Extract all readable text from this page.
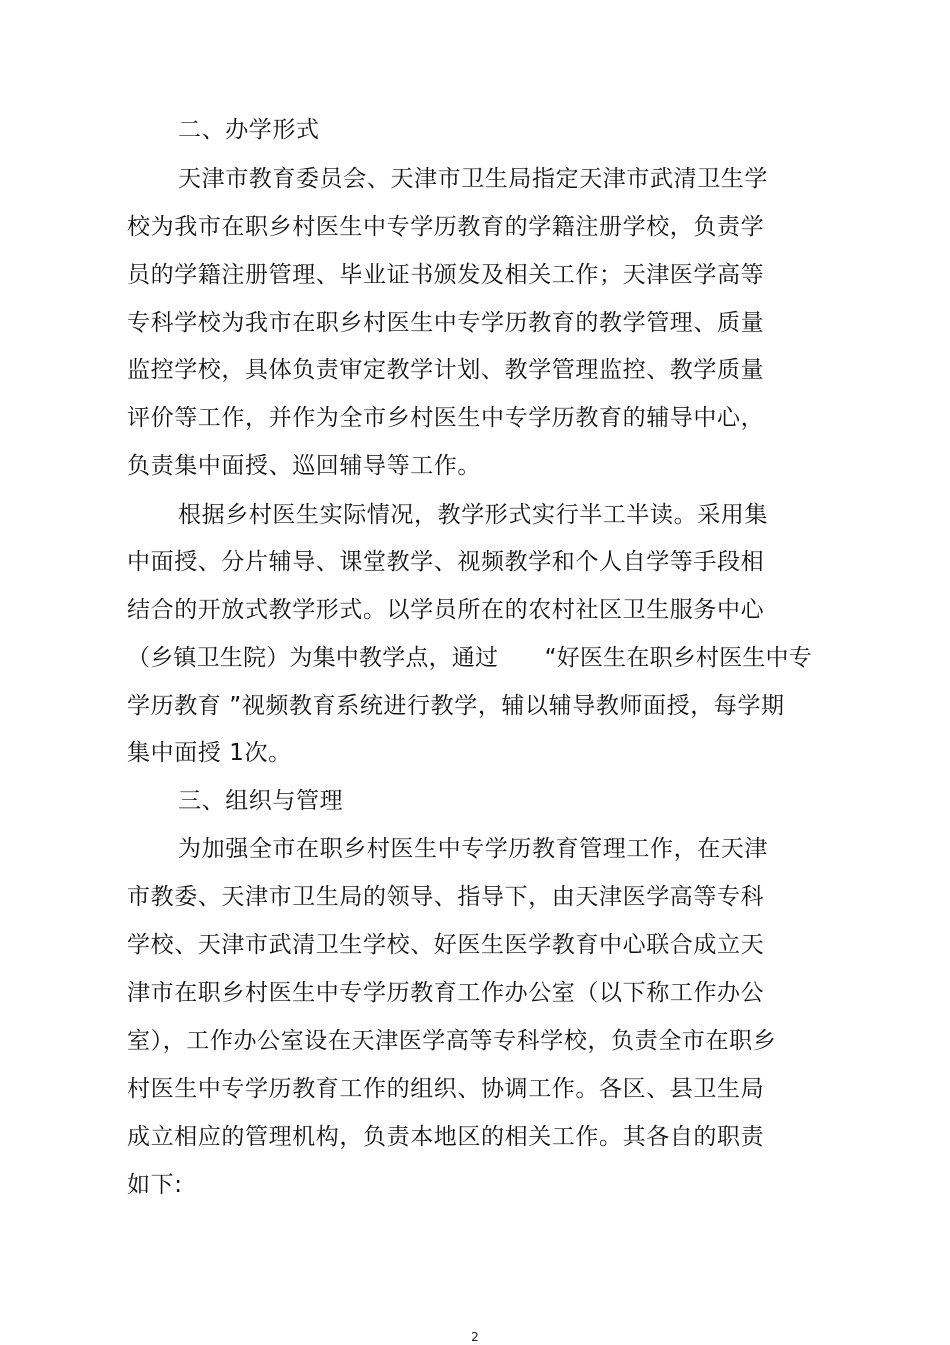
二、办学形式
天津市教育委员会、天津市卫生局指定天津市武清卫生学
校为我市在职乡村医生中专学历教育的学籍注册学校，负责学
员的学籍注册管理、毕业证书颁发及相关工作；天津医学高等
专科学校为我市在职乡村医生中专学历教育的教学管理、质量
监控学校，具体负责审定教学计划、教学管理监控、教学质量
评价等工作，并作为全市乡村医生中专学历教育的辅导中心，
负责集中面授、巡回辅导等工作。
根据乡村医生实际情况，教学形式实行半工半读。采用集
中面授、分片辅导、课堂教学、视频教学和个人自学等手段相
结合的开放式教学形式。以学员所在的农村社区卫生服务中心
（乡镇卫生院）为集中教学点，通过　　“好医生在职乡村医生中专
学历教育 ”视频教育系统进行教学，辅以辅导教师面授，每学期
集中面授 1次。
三、组织与管理
为加强全市在职乡村医生中专学历教育管理工作，在天津
市教委、天津市卫生局的领导、指导下，由天津医学高等专科
学校、天津市武清卫生学校、好医生医学教育中心联合成立天
津市在职乡村医生中专学历教育工作办公室（以下称工作办公
室），工作办公室设在天津医学高等专科学校，负责全市在职乡
村医生中专学历教育工作的组织、协调工作。各区、县卫生局
成立相应的管理机构，负责本地区的相关工作。其各自的职责
如下:
2
